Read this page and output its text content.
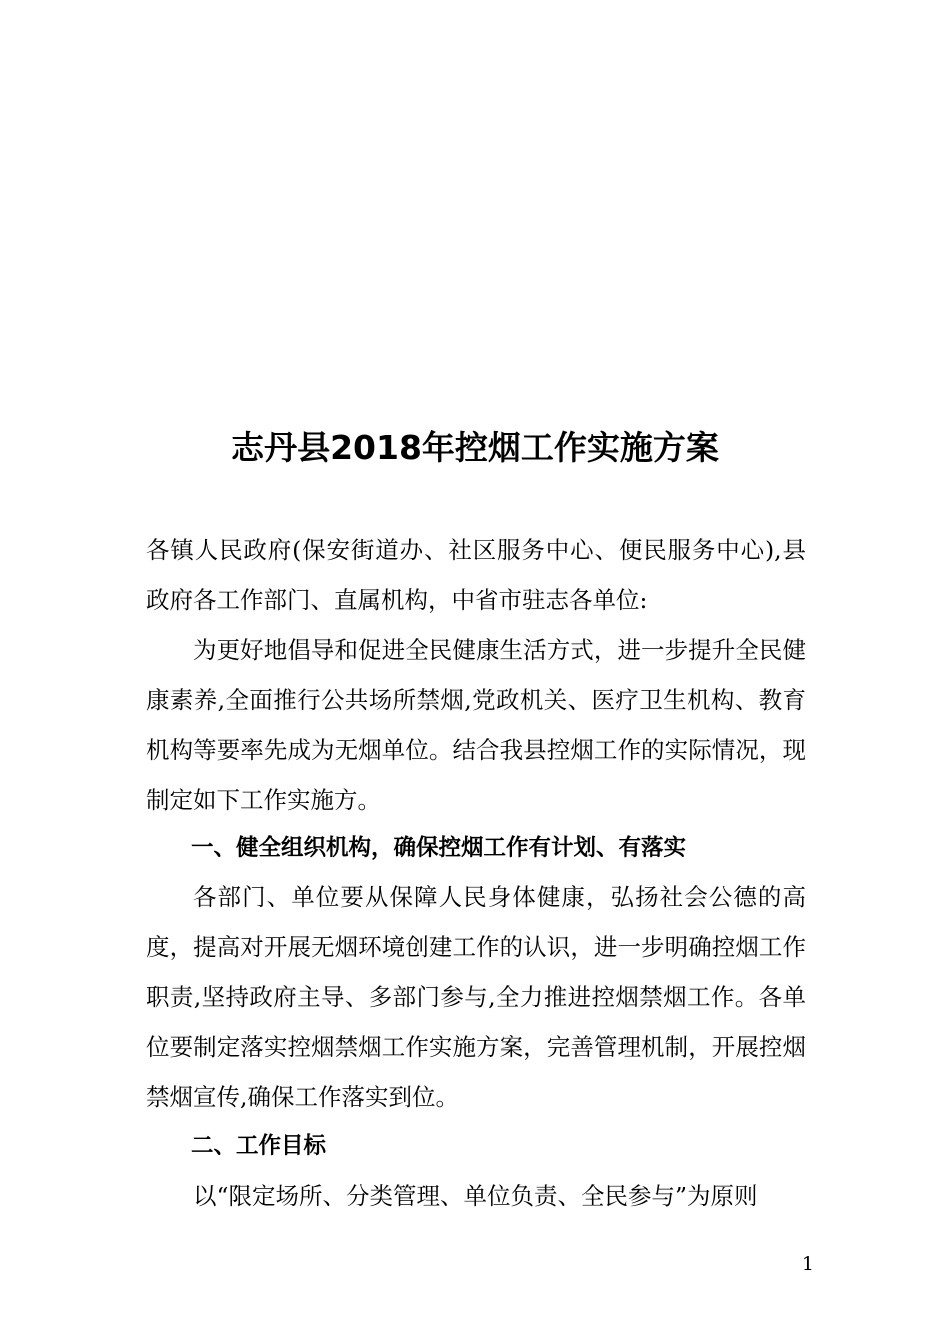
志丹县2018年控烟工作实施方案

各镇人民政府(保安街道办、社区服务中心、便民服务中心),县政府各工作部门、直属机构，中省市驻志各单位:

为更好地倡导和促进全民健康生活方式，进一步提升全民健康素养,全面推行公共场所禁烟,党政机关、医疗卫生机构、教育机构等要率先成为无烟单位。结合我县控烟工作的实际情况，现制定如下工作实施方。

一、健全组织机构，确保控烟工作有计划、有落实

各部门、单位要从保障人民身体健康，弘扬社会公德的高度，提高对开展无烟环境创建工作的认识，进一步明确控烟工作职责,坚持政府主导、多部门参与,全力推进控烟禁烟工作。各单位要制定落实控烟禁烟工作实施方案，完善管理机制，开展控烟禁烟宣传,确保工作落实到位。

二、工作目标

以“限定场所、分类管理、单位负责、全民参与”为原则

1
